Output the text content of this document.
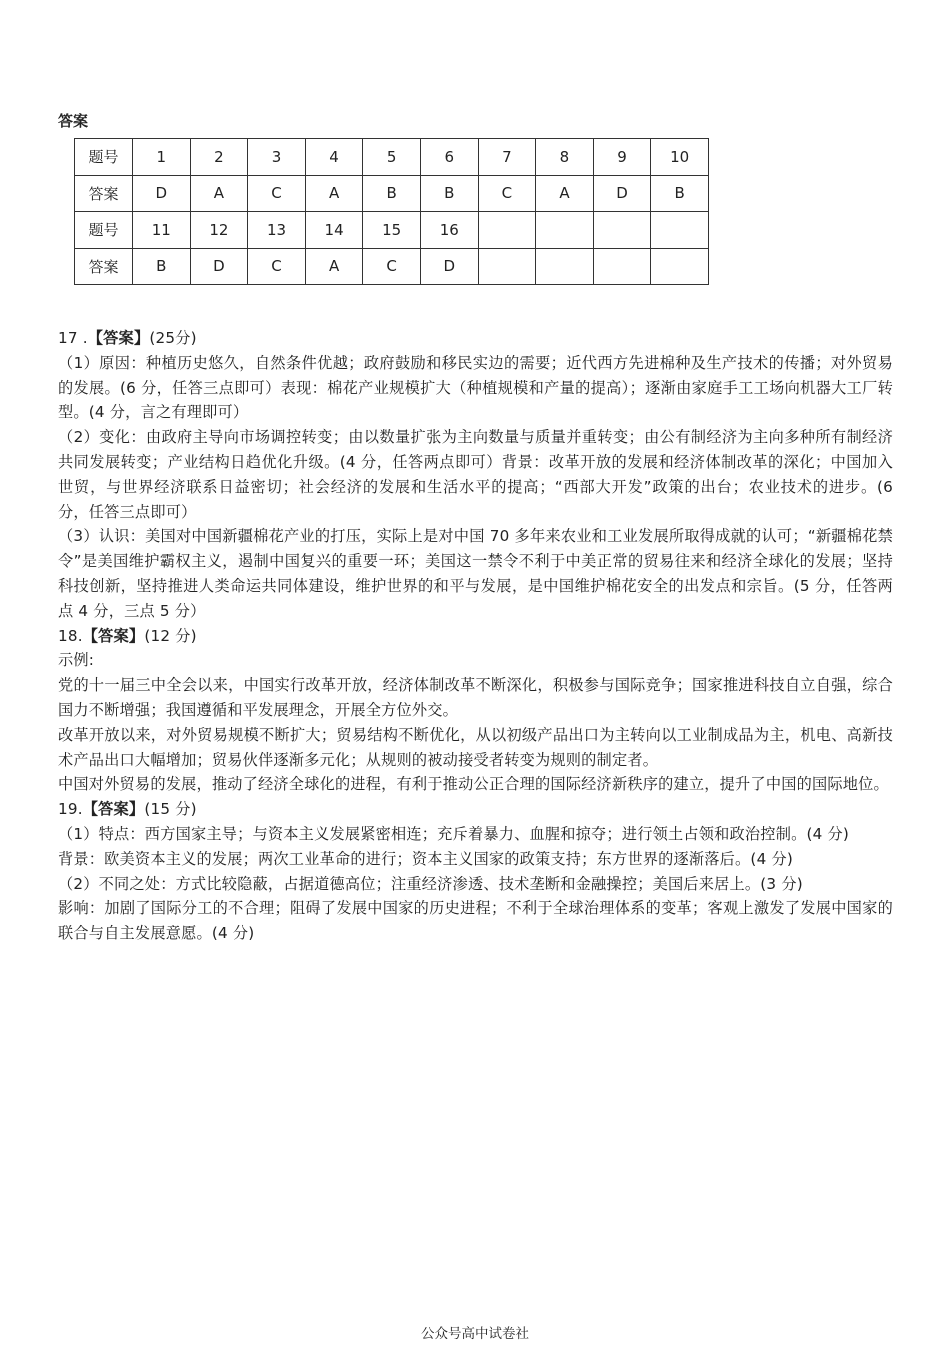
答案
题号	1	2	3	4	5	6	7	8	9	10
答案	D	A	C	A	B	B	C	A	D	B
题号	11	12	13	14	15	16				
答案	B	D	C	A	C	D				

17 .【答案】(25分)

（1）原因：种植历史悠久，自然条件优越；政府鼓励和移民实边的需要；近代西方先进棉种及生产技术的传播；对外贸易的发展。(6 分，任答三点即可）表现：棉花产业规模扩大（种植规模和产量的提高）；逐渐由家庭手工工场向机器大工厂转型。(4 分，言之有理即可）

（2）变化：由政府主导向市场调控转变；由以数量扩张为主向数量与质量并重转变；由公有制经济为主向多种所有制经济共同发展转变；产业结构日趋优化升级。(4 分，任答两点即可）背景：改革开放的发展和经济体制改革的深化；中国加入世贸，与世界经济联系日益密切；社会经济的发展和生活水平的提高；“西部大开发”政策的出台；农业技术的进步。(6 分，任答三点即可）

（3）认识：美国对中国新疆棉花产业的打压，实际上是对中国 70 多年来农业和工业发展所取得成就的认可；“新疆棉花禁令”是美国维护霸权主义，遏制中国复兴的重要一环；美国这一禁令不利于中美正常的贸易往来和经济全球化的发展；坚持科技创新，坚持推进人类命运共同体建设，维护世界的和平与发展，是中国维护棉花安全的出发点和宗旨。(5 分，任答两点 4 分，三点 5 分）

18.【答案】(12 分)

示例:

党的十一届三中全会以来，中国实行改革开放，经济体制改革不断深化，积极参与国际竞争；国家推进科技自立自强，综合国力不断增强；我国遵循和平发展理念，开展全方位外交。

改革开放以来，对外贸易规模不断扩大；贸易结构不断优化，从以初级产品出口为主转向以工业制成品为主，机电、高新技术产品出口大幅增加；贸易伙伴逐渐多元化；从规则的被动接受者转变为规则的制定者。

中国对外贸易的发展，推动了经济全球化的进程，有利于推动公正合理的国际经济新秩序的建立，提升了中国的国际地位。

19.【答案】(15 分)

（1）特点：西方国家主导；与资本主义发展紧密相连；充斥着暴力、血腥和掠夺；进行领土占领和政治控制。(4 分)

背景：欧美资本主义的发展；两次工业革命的进行；资本主义国家的政策支持；东方世界的逐渐落后。(4 分)

（2）不同之处：方式比较隐蔽，占据道德高位；注重经济渗透、技术垄断和金融操控；美国后来居上。(3 分)

影响：加剧了国际分工的不合理；阻碍了发展中国家的历史进程；不利于全球治理体系的变革；客观上激发了发展中国家的联合与自主发展意愿。(4 分)

公众号高中试卷社
